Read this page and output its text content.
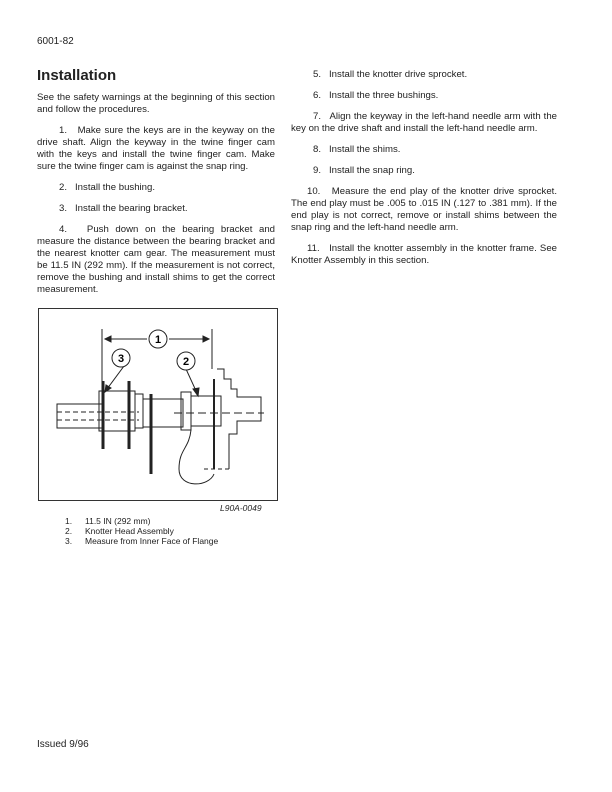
6001-82
Installation

See the safety warnings at the beginning of this section and follow the procedures.

1. Make sure the keys are in the keyway on the drive shaft. Align the keyway in the twine finger cam with the keys and install the twine finger cam. Make sure the twine finger cam is against the snap ring.

2. Install the bushing.

3. Install the bearing bracket.

4. Push down on the bearing bracket and measure the distance between the bearing bracket and the nearest knotter cam gear. The measurement must be 11.5 IN (292 mm). If the measurement is not correct, remove the bushing and install shims to get the correct measurement.

5. Install the knotter drive sprocket.

6. Install the three bushings.

7. Align the keyway in the left-hand needle arm with the key on the drive shaft and install the left-hand needle arm.

8. Install the shims.

9. Install the snap ring.

10. Measure the end play of the knotter drive sprocket. The end play must be .005 to .015 IN (.127 to .381 mm). If the end play is not correct, remove or install shims between the snap ring and the left-hand needle arm.

11. Install the knotter assembly in the knotter frame. See Knotter Assembly in this section.

1
3	2
L90A-0049
1. 11.5 IN (292 mm)
2. Knotter Head Assembly
3. Measure from Inner Face of Flange
Issued 9/96
